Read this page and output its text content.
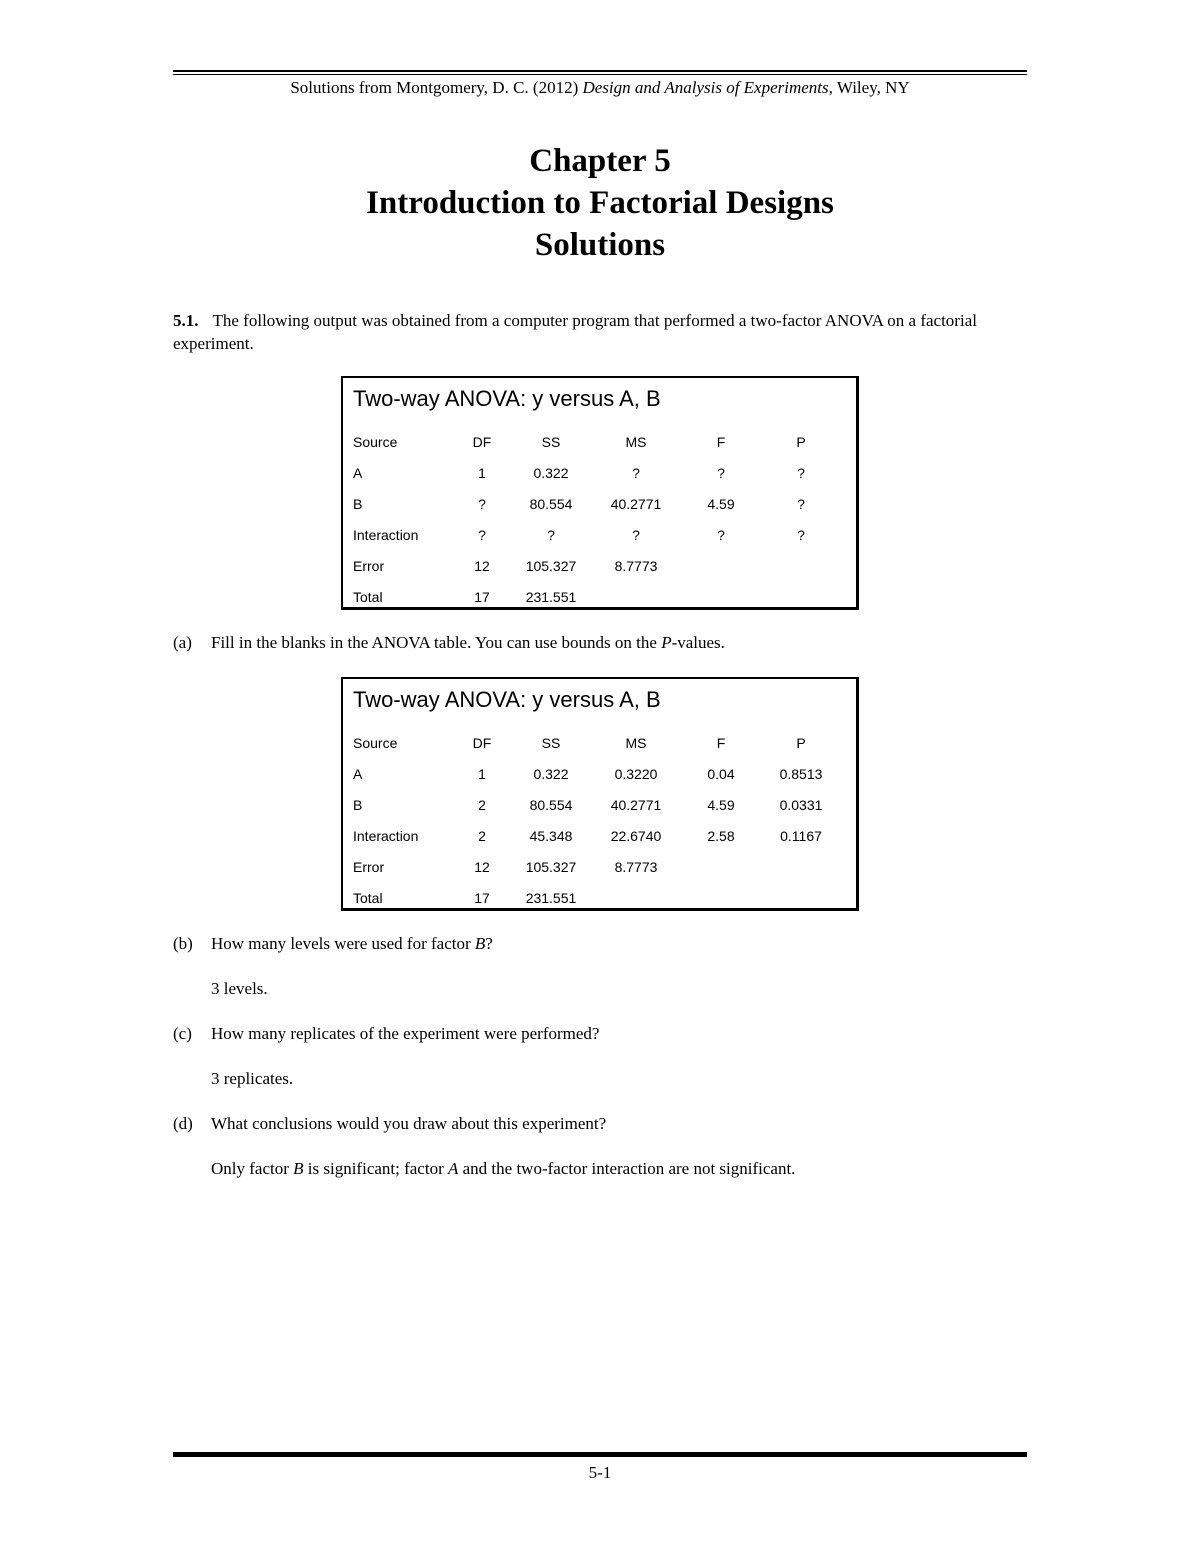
Solutions from Montgomery, D. C. (2012) Design and Analysis of Experiments, Wiley, NY
Chapter 5
Introduction to Factorial Designs
Solutions
5.1. The following output was obtained from a computer program that performed a two-factor ANOVA on a factorial experiment.
Two-way ANOVA: y versus A, B
Source	DF	SS	MS	F	P
A	1	0.322	?	?	?
B	?	80.554	40.2771	4.59	?
Interaction	?	?	?	?	?
Error	12	105.327	8.7773		
Total	17	231.551			
(a) Fill in the blanks in the ANOVA table. You can use bounds on the P-values.
Two-way ANOVA: y versus A, B
Source	DF	SS	MS	F	P
A	1	0.322	0.3220	0.04	0.8513
B	2	80.554	40.2771	4.59	0.0331
Interaction	2	45.348	22.6740	2.58	0.1167
Error	12	105.327	8.7773		
Total	17	231.551			
(b) How many levels were used for factor B?
3 levels.
(c) How many replicates of the experiment were performed?
3 replicates.
(d) What conclusions would you draw about this experiment?
Only factor B is significant; factor A and the two-factor interaction are not significant.
5-1
